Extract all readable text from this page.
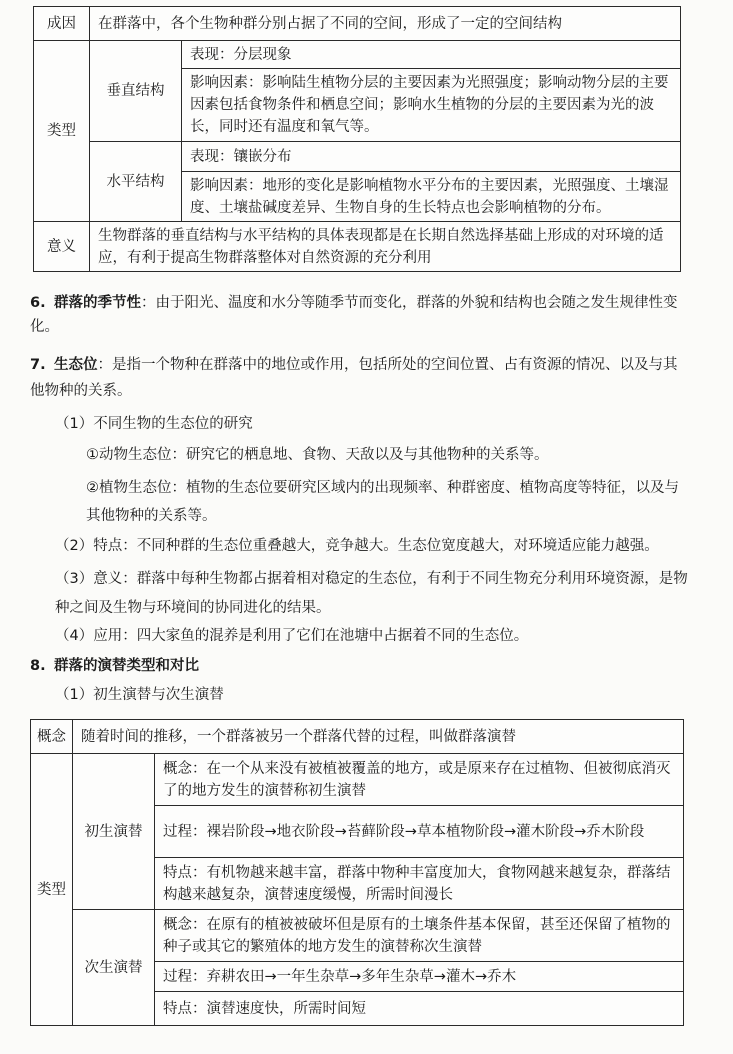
成因	在群落中，各个生物种群分别占据了不同的空间，形成了一定的空间结构	
类型	垂直结构	表现：分层现象
		影响因素：影响陆生植物分层的主要因素为光照强度；影响动物分层的主要因素包括食物条件和栖息空间；影响水生植物的分层的主要因素为光的波长，同时还有温度和氧气等。
	水平结构	表现：镶嵌分布
		影响因素：地形的变化是影响植物水平分布的主要因素，光照强度、土壤湿度、土壤盐碱度差异、生物自身的生长特点也会影响植物的分布。
意义	生物群落的垂直结构与水平结构的具体表现都是在长期自然选择基础上形成的对环境的适应，有利于提高生物群落整体对自然资源的充分利用	

6. 群落的季节性：由于阳光、温度和水分等随季节而变化，群落的外貌和结构也会随之发生规律性变化。

7. 生态位：是指一个物种在群落中的地位或作用，包括所处的空间位置、占有资源的情况、以及与其他物种的关系。

（1）不同生物的生态位的研究

①动物生态位：研究它的栖息地、食物、天敌以及与其他物种的关系等。

②植物生态位：植物的生态位要研究区域内的出现频率、种群密度、植物高度等特征，以及与其他物种的关系等。

（2）特点：不同种群的生态位重叠越大，竞争越大。生态位宽度越大，对环境适应能力越强。

（3）意义：群落中每种生物都占据着相对稳定的生态位，有利于不同生物充分利用环境资源，是物种之间及生物与环境间的协同进化的结果。

（4）应用：四大家鱼的混养是利用了它们在池塘中占据着不同的生态位。

8. 群落的演替类型和对比

（1）初生演替与次生演替

概念	随着时间的推移，一个群落被另一个群落代替的过程，叫做群落演替	
类型	初生演替	概念：在一个从来没有被植被覆盖的地方，或是原来存在过植物、但被彻底消灭了的地方发生的演替称初生演替
		过程：裸岩阶段→地衣阶段→苔藓阶段→草本植物阶段→灌木阶段→乔木阶段
		特点：有机物越来越丰富，群落中物种丰富度加大，食物网越来越复杂，群落结构越来越复杂，演替速度缓慢，所需时间漫长
	次生演替	概念：在原有的植被被破坏但是原有的土壤条件基本保留，甚至还保留了植物的种子或其它的繁殖体的地方发生的演替称次生演替
		过程：弃耕农田→一年生杂草→多年生杂草→灌木→乔木
		特点：演替速度快，所需时间短
